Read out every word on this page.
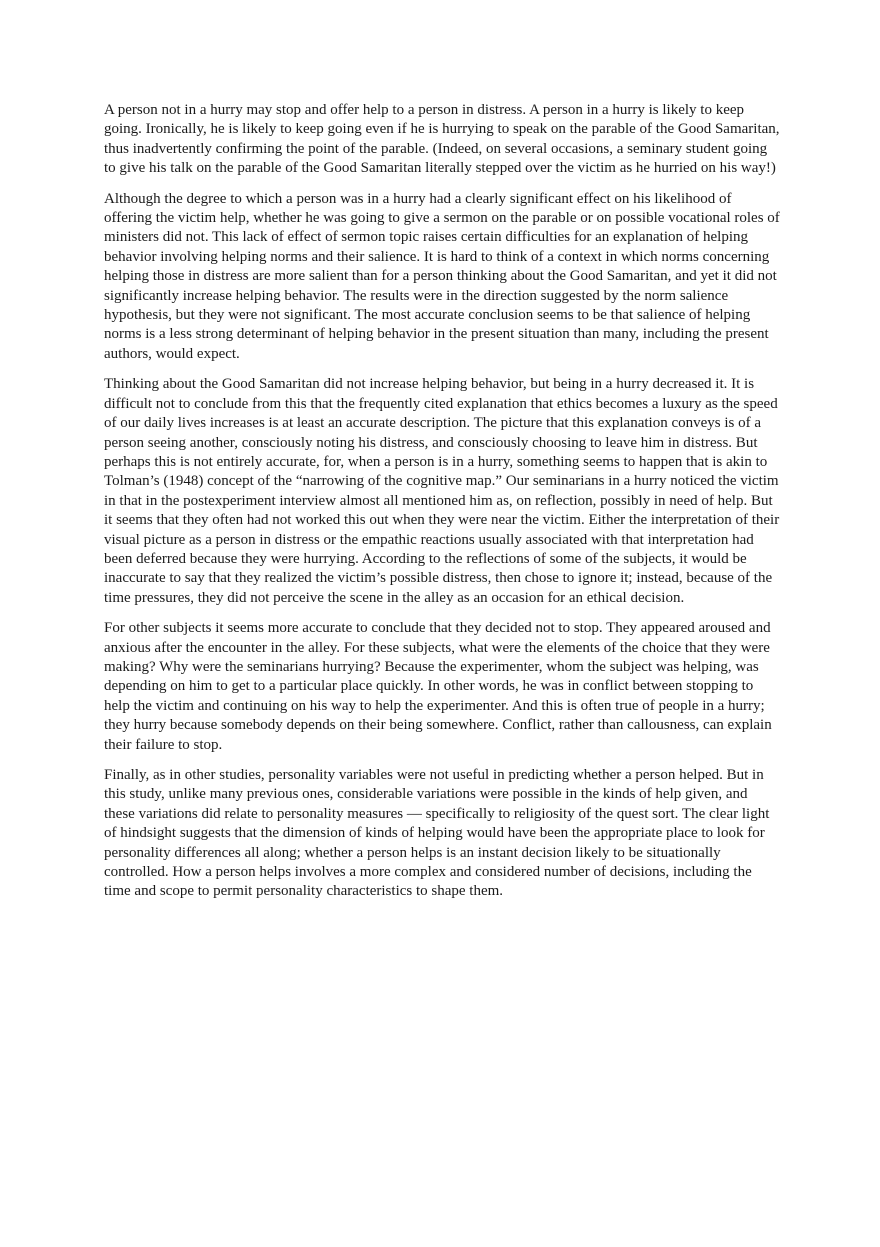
A person not in a hurry may stop and offer help to a person in distress. A person in a hurry is likely to keep going. Ironically, he is likely to keep going even if he is hurrying to speak on the parable of the Good Samaritan, thus inadvertently confirming the point of the parable. (Indeed, on several occasions, a seminary student going to give his talk on the parable of the Good Samaritan literally stepped over the victim as he hurried on his way!)

Although the degree to which a person was in a hurry had a clearly significant effect on his likelihood of offering the victim help, whether he was going to give a sermon on the parable or on possible vocational roles of ministers did not. This lack of effect of sermon topic raises certain difficulties for an explanation of helping behavior involving helping norms and their salience. It is hard to think of a context in which norms concerning helping those in distress are more salient than for a person thinking about the Good Samaritan, and yet it did not significantly increase helping behavior. The results were in the direction suggested by the norm salience hypothesis, but they were not significant. The most accurate conclusion seems to be that salience of helping norms is a less strong determinant of helping behavior in the present situation than many, including the present authors, would expect.

Thinking about the Good Samaritan did not increase helping behavior, but being in a hurry decreased it. It is difficult not to conclude from this that the frequently cited explanation that ethics becomes a luxury as the speed of our daily lives increases is at least an accurate description. The picture that this explanation conveys is of a person seeing another, consciously noting his distress, and consciously choosing to leave him in distress. But perhaps this is not entirely accurate, for, when a person is in a hurry, something seems to happen that is akin to Tolman’s (1948) concept of the “narrowing of the cognitive map.” Our seminarians in a hurry noticed the victim in that in the postexperiment interview almost all mentioned him as, on reflection, possibly in need of help. But it seems that they often had not worked this out when they were near the victim. Either the interpretation of their visual picture as a person in distress or the empathic reactions usually associated with that interpretation had been deferred because they were hurrying. According to the reflections of some of the subjects, it would be inaccurate to say that they realized the victim’s possible distress, then chose to ignore it; instead, because of the time pressures, they did not perceive the scene in the alley as an occasion for an ethical decision.

For other subjects it seems more accurate to conclude that they decided not to stop. They appeared aroused and anxious after the encounter in the alley. For these subjects, what were the elements of the choice that they were making? Why were the seminarians hurrying? Because the experimenter, whom the subject was helping, was depending on him to get to a particular place quickly. In other words, he was in conflict between stopping to help the victim and continuing on his way to help the experimenter. And this is often true of people in a hurry; they hurry because somebody depends on their being somewhere. Conflict, rather than callousness, can explain their failure to stop.

Finally, as in other studies, personality variables were not useful in predicting whether a person helped. But in this study, unlike many previous ones, considerable variations were possible in the kinds of help given, and these variations did relate to personality measures — specifically to religiosity of the quest sort. The clear light of hindsight suggests that the dimension of kinds of helping would have been the appropriate place to look for personality differences all along; whether a person helps is an instant decision likely to be situationally controlled. How a person helps involves a more complex and considered number of decisions, including the time and scope to permit personality characteristics to shape them.
